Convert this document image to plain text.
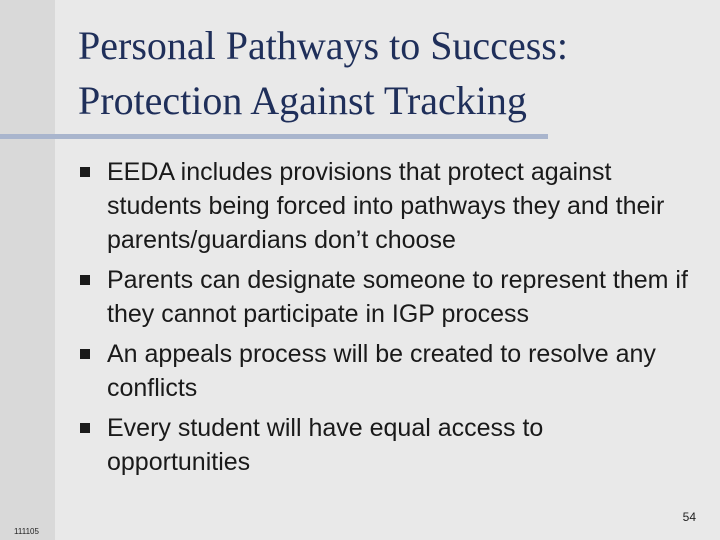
Personal Pathways to Success:
Protection Against Tracking
EEDA includes provisions that protect against students being forced into pathways they and their parents/guardians don’t choose
Parents can designate someone to represent them if they cannot participate in IGP process
An appeals process will be created to resolve any conflicts
Every student will have equal access to opportunities
54
111105
